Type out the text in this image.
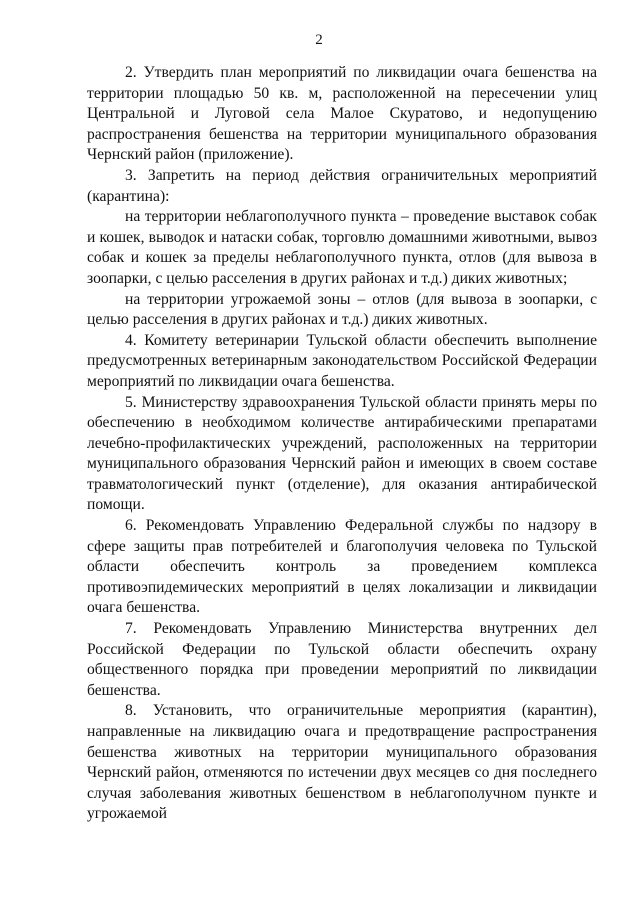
2

2. Утвердить план мероприятий по ликвидации очага бешенства на территории площадью 50 кв. м, расположенной на пересечении улиц Центральной и Луговой села Малое Скуратово, и недопущению распространения бешенства на территории муниципального образования Чернский район (приложение).

3. Запретить на период действия ограничительных мероприятий (карантина):

на территории неблагополучного пункта – проведение выставок собак и кошек, выводок и натаски собак, торговлю домашними животными, вывоз собак и кошек за пределы неблагополучного пункта, отлов (для вывоза в зоопарки, с целью расселения в других районах и т.д.) диких животных;

на территории угрожаемой зоны – отлов (для вывоза в зоопарки, с целью расселения в других районах и т.д.) диких животных.

4. Комитету ветеринарии Тульской области обеспечить выполнение предусмотренных ветеринарным законодательством Российской Федерации мероприятий по ликвидации очага бешенства.

5. Министерству здравоохранения Тульской области принять меры по обеспечению в необходимом количестве антирабическими препаратами лечебно-профилактических учреждений, расположенных на территории муниципального образования Чернский район и имеющих в своем составе травматологический пункт (отделение), для оказания антирабической помощи.

6. Рекомендовать Управлению Федеральной службы по надзору в сфере защиты прав потребителей и благополучия человека по Тульской области обеспечить контроль за проведением комплекса противоэпидемических мероприятий в целях локализации и ликвидации очага бешенства.

7. Рекомендовать Управлению Министерства внутренних дел Российской Федерации по Тульской области обеспечить охрану общественного порядка при проведении мероприятий по ликвидации бешенства.

8. Установить, что ограничительные мероприятия (карантин), направленные на ликвидацию очага и предотвращение распространения бешенства животных на территории муниципального образования Чернский район, отменяются по истечении двух месяцев со дня последнего случая заболевания животных бешенством в неблагополучном пункте и угрожаемой
